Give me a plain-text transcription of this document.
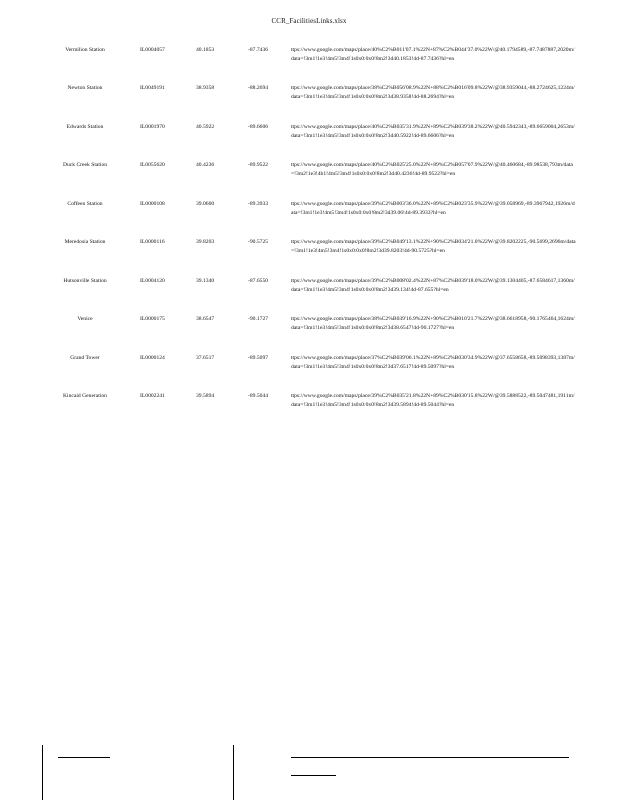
CCR_FacilitiesLinks.xlsx
Vermilion Station	IL0004057	40.1853	-87.7436	ttps://www.google.com/maps/place/40%C2%B011'07.1%22N+87%C2%B044'37.0%22W/@40.1794589,-87.7487887,2020m/data=!3m1!1e3!4m5!3m4!1s0x0:0x0!8m2!3d40.1853!4d-87.7436?hl=en
Newton Station	IL0049191	38.9358	-88.2694	ttps://www.google.com/maps/place/38%C2%B056'08.9%22N+88%C2%B016'09.8%22W/@38.9359044,-88.2724625,1224m/data=!3m1!1e3!4m5!3m4!1s0x0:0x0!8m2!3d38.9358!4d-88.2694?hl=en
Edwards Station	IL0001970	40.5922	-89.6606	ttps://www.google.com/maps/place/40%C2%B035'31.9%22N+89%C2%B039'38.2%22W/@40.5942343,-89.6659004,2653m/data=!3m1!1e3!4m5!3m4!1s0x0:0x0!8m2!3d40.5922!4d-89.6606?hl=en
Duck Creek Station	IL0055620	40.4236	-89.9522	ttps://www.google.com/maps/place/40%C2%B025'25.0%22N+89%C2%B057'07.9%22W/@40.460684,-89.98538,793m/data=!3m2!1e3!4b1!4m5!3m4!1s0x0:0x0!8m2!3d40.4236!4d-89.9522?hl=en
Coffeen Station	IL0000108	39.0600	-89.3933	ttps://www.google.com/maps/place/39%C2%B003'36.0%22N+89%C2%B023'35.9%22W/@39.058969,-89.3967942,1926m/data=!3m1!1e3!4m5!3m4!1s0x0:0x0!8m2!3d39.06!4d-89.3933?hl=en
Meredosia Station	IL0000116	39.8203	-90.5725	ttps://www.google.com/maps/place/39%C2%B049'13.1%22N+90%C2%B034'21.0%22W/@39.8202225,-90.5699,2696m/data=!3m1!1e3!4m5!3m4!1s0x0:0x0!8m2!3d39.8203!4d-90.5725?hl=en
Hutsonville Station	IL0004120	39.1340	-87.6550	ttps://www.google.com/maps/place/39%C2%B008'02.4%22N+87%C2%B039'18.0%22W/@39.1304405,-87.6584617,1360m/data=!3m1!1e3!4m5!3m4!1s0x0:0x0!8m2!3d39.134!4d-87.655?hl=en
Venice	IL0000175	38.6547	-90.1727	ttps://www.google.com/maps/place/38%C2%B039'16.9%22N+90%C2%B010'21.7%22W/@38.6618958,-90.1765464,1624m/data=!3m1!1e3!4m5!3m4!1s0x0:0x0!8m2!3d38.6547!4d-90.1727?hl=en
Grand Tower	IL0000124	37.6517	-89.5097	ttps://www.google.com/maps/place/37%C2%B039'06.1%22N+89%C2%B030'34.9%22W/@37.6558658,-89.5098393,1387m/data=!3m1!1e3!4m5!3m4!1s0x0:0x0!8m2!3d37.6517!4d-89.5097?hl=en
Kincaid Generation	IL0002241	39.5894	-89.5044	ttps://www.google.com/maps/place/39%C2%B035'21.8%22N+89%C2%B030'15.8%22W/@39.5888522,-89.5047481,1911m/data=!3m1!1e3!4m5!3m4!1s0x0:0x0!8m2!3d39.5894!4d-89.5044?hl=en
